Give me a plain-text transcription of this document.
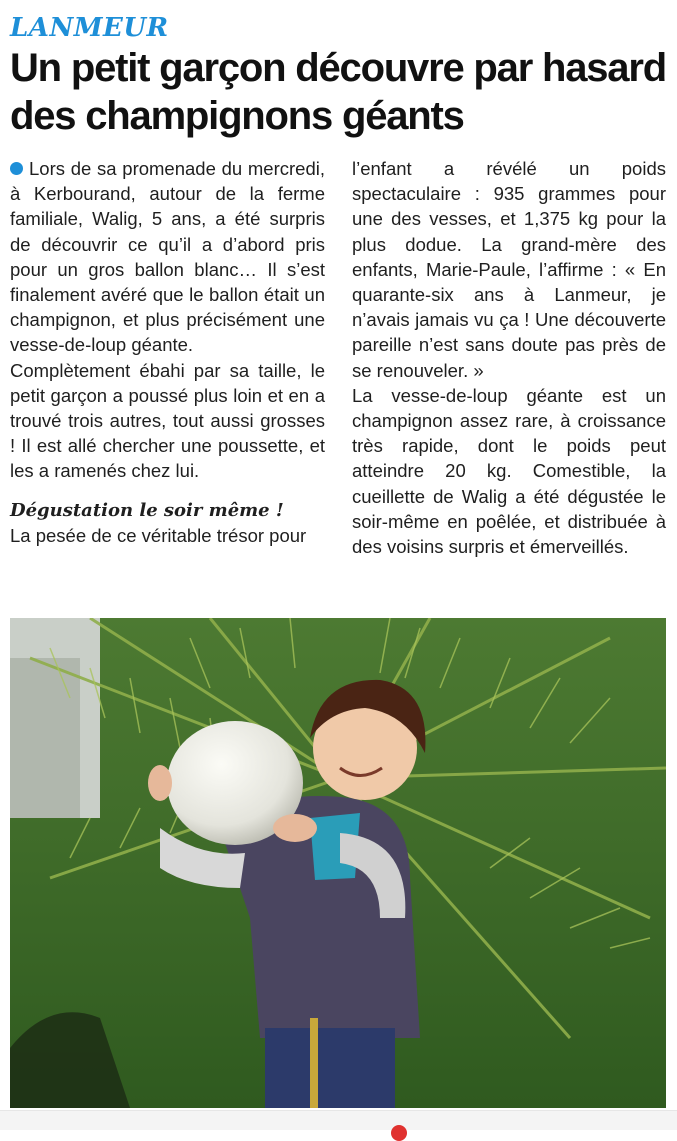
LANMEUR
Un petit garçon découvre par hasard des champignons géants

Lors de sa promenade du mercredi, à Kerbourand, autour de la ferme familiale, Walig, 5 ans, a été surpris de découvrir ce qu’il a d’abord pris pour un gros ballon blanc… Il s’est finalement avéré que le ballon était un champignon, et plus précisément une vesse-de-loup géante.

Complètement ébahi par sa taille, le petit garçon a poussé plus loin et en a trouvé trois autres, tout aussi grosses ! Il est allé chercher une poussette, et les a ramenés chez lui.

Dégustation le soir même !

La pesée de ce véritable trésor pour

l’enfant a révélé un poids spectaculaire : 935 grammes pour une des vesses, et 1,375 kg pour la plus dodue. La grand-mère des enfants, Marie-Paule, l’affirme : « En quarante-six ans à Lanmeur, je n’avais jamais vu ça ! Une découverte pareille n’est sans doute pas près de se renouveler. »

La vesse-de-loup géante est un champignon assez rare, à croissance très rapide, dont le poids peut atteindre 20 kg. Comestible, la cueillette de Walig a été dégustée le soir-même en poêlée, et distribuée à des voisins surpris et émerveillés.
